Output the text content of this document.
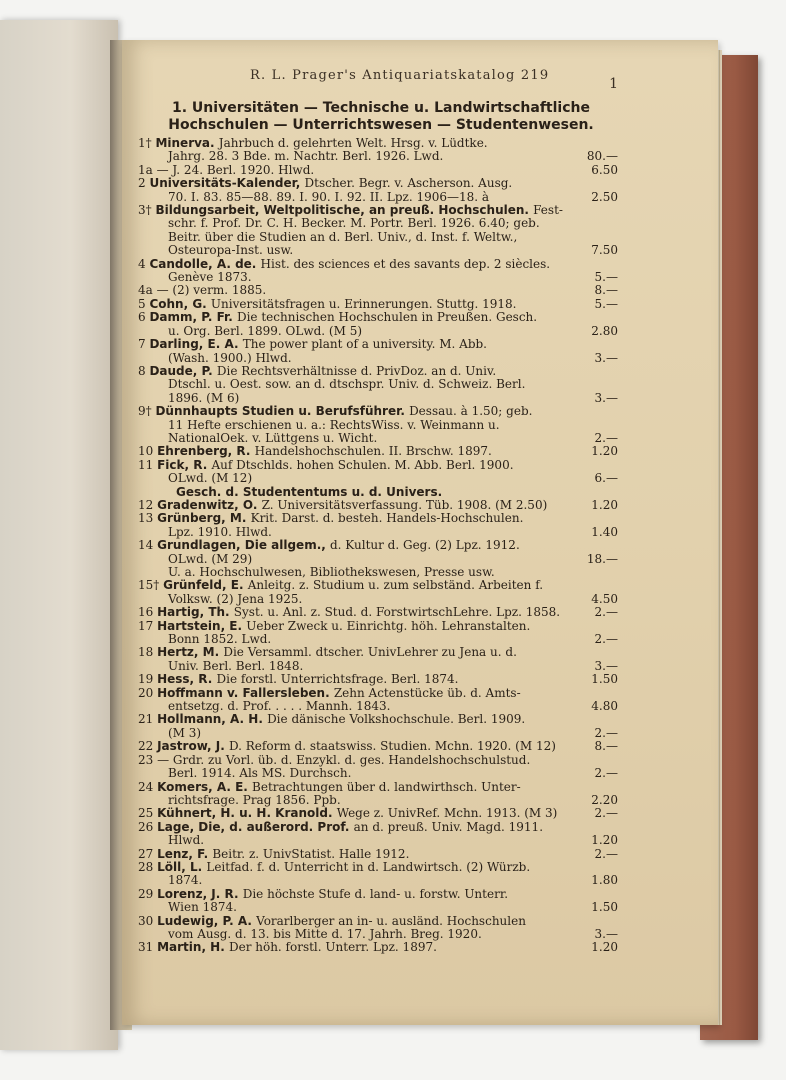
R. L. Prager's Antiquariatskatalog 219
1
1. Universitäten — Technische u. Landwirtschaftliche Hochschulen — Unterrichtswesen — Studentenwesen.
1† Minerva. Jahrbuch d. gelehrten Welt. Hrsg. v. Lüdtke.
Jahrg. 28. 3 Bde. m. Nachtr. Berl. 1926. Lwd.	80.—
1a — J. 24. Berl. 1920. Hlwd.	6.50
2 Universitäts-Kalender, Dtscher. Begr. v. Ascherson. Ausg.
70. I. 83. 85—88. 89. I. 90. I. 92. II. Lpz. 1906—18. à	2.50
3† Bildungsarbeit, Weltpolitische, an preuß. Hochschulen. Fest-
schr. f. Prof. Dr. C. H. Becker. M. Portr. Berl. 1926. 6.40; geb.
Beitr. über die Studien an d. Berl. Univ., d. Inst. f. Weltw.,
Osteuropa-Inst. usw.	7.50
4 Candolle, A. de. Hist. des sciences et des savants dep. 2 siècles.
Genève 1873.	5.—
4a — (2) verm. 1885.	8.—
5 Cohn, G. Universitätsfragen u. Erinnerungen. Stuttg. 1918.	5.—
6 Damm, P. Fr. Die technischen Hochschulen in Preußen. Gesch.
u. Org. Berl. 1899. OLwd. (M 5)	2.80
7 Darling, E. A. The power plant of a university. M. Abb.
(Wash. 1900.) Hlwd.	3.—
8 Daude, P. Die Rechtsverhältnisse d. PrivDoz. an d. Univ.
Dtschl. u. Oest. sow. an d. dtschspr. Univ. d. Schweiz. Berl.
1896. (M 6)	3.—
9† Dünnhaupts Studien u. Berufsführer. Dessau. à 1.50; geb.
11 Hefte erschienen u. a.: RechtsWiss. v. Weinmann u.
NationalOek. v. Lüttgens u. Wicht.	2.—
10 Ehrenberg, R. Handelshochschulen. II. Brschw. 1897.	1.20
11 Fick, R. Auf Dtschlds. hohen Schulen. M. Abb. Berl. 1900.
OLwd. (M 12)	6.—
Gesch. d. Studententums u. d. Univers.
12 Gradenwitz, O. Z. Universitätsverfassung. Tüb. 1908. (M 2.50)	1.20
13 Grünberg, M. Krit. Darst. d. besteh. Handels-Hochschulen.
Lpz. 1910. Hlwd.	1.40
14 Grundlagen, Die allgem., d. Kultur d. Geg. (2) Lpz. 1912.
OLwd. (M 29)	18.—
U. a. Hochschulwesen, Bibliothekswesen, Presse usw.
15† Grünfeld, E. Anleitg. z. Studium u. zum selbständ. Arbeiten f.
Volksw. (2) Jena 1925.	4.50
16 Hartig, Th. Syst. u. Anl. z. Stud. d. ForstwirtschLehre. Lpz. 1858.	2.—
17 Hartstein, E. Ueber Zweck u. Einrichtg. höh. Lehranstalten.
Bonn 1852. Lwd.	2.—
18 Hertz, M. Die Versamml. dtscher. UnivLehrer zu Jena u. d.
Univ. Berl. Berl. 1848.	3.—
19 Hess, R. Die forstl. Unterrichtsfrage. Berl. 1874.	1.50
20 Hoffmann v. Fallersleben. Zehn Actenstücke üb. d. Amts-
entsetzg. d. Prof. . . . . Mannh. 1843.	4.80
21 Hollmann, A. H. Die dänische Volkshochschule. Berl. 1909.
(M 3)	2.—
22 Jastrow, J. D. Reform d. staatswiss. Studien. Mchn. 1920. (M 12)	8.—
23 — Grdr. zu Vorl. üb. d. Enzykl. d. ges. Handelshochschulstud.
Berl. 1914. Als MS. Durchsch.	2.—
24 Komers, A. E. Betrachtungen über d. landwirthsch. Unter-
richtsfrage. Prag 1856. Ppb.	2.20
25 Kühnert, H. u. H. Kranold. Wege z. UnivRef. Mchn. 1913. (M 3)	2.—
26 Lage, Die, d. außerord. Prof. an d. preuß. Univ. Magd. 1911.
Hlwd.	1.20
27 Lenz, F. Beitr. z. UnivStatist. Halle 1912.	2.—
28 Löll, L. Leitfad. f. d. Unterricht in d. Landwirtsch. (2) Würzb.
1874.	1.80
29 Lorenz, J. R. Die höchste Stufe d. land- u. forstw. Unterr.
Wien 1874.	1.50
30 Ludewig, P. A. Vorarlberger an in- u. ausländ. Hochschulen
vom Ausg. d. 13. bis Mitte d. 17. Jahrh. Breg. 1920.	3.—
31 Martin, H. Der höh. forstl. Unterr. Lpz. 1897.	1.20
